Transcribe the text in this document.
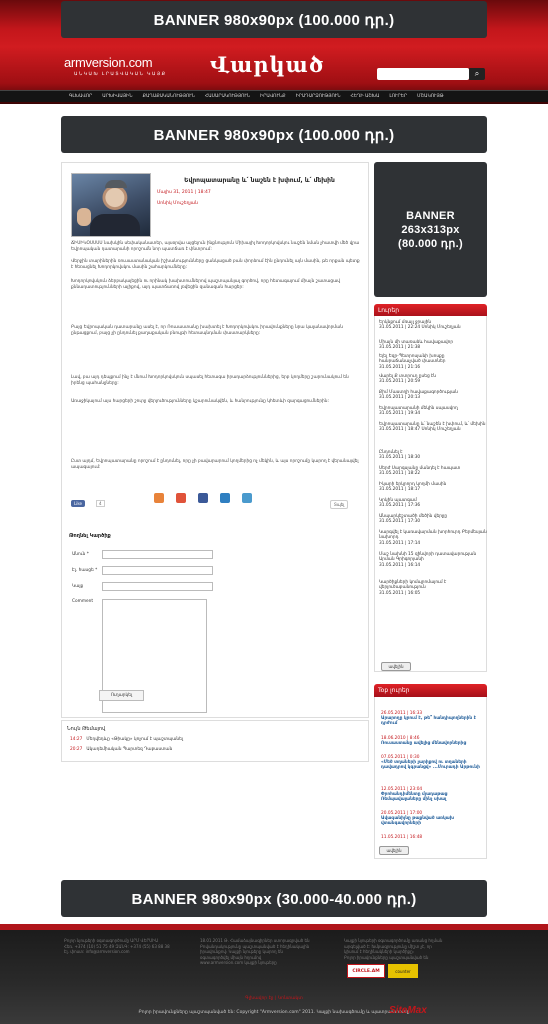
BANNER 980x90px (100.000 դր.)
armversion.com
ԱՆԿԱԽ ԼՐԱՏՎԱԿԱՆ ԿԱՅՔ	Վարկած	⌕
ԳԼԽԱՎՈՐ	ԱՐԽԻՎԱՅԻՆ	ՔԱՂԱՔԱԿԱՆՈՒԹՅՈՒՆ	ՀԱՍԱՐԱԿՈՒԹՅՈՒՆ	ԻՐԱՎՈՒՆՔ	ԻՐԱԴԱՐՁՈՒԹՅՈՒՆ	ՀԵՂԻ ԱՇԽԱ	ԼՈՒՐԵՐ	ՄՇԱԿՈՒՅԹ
BANNER 980x90px (100.000 դր.)
Եվրոպատարանը և՛ նաշեն է խփում, և՛ մեխին
Մայիս 31, 2011 | 18:47
Սոնիկ Մուշեղյան
ՃԻՍԻԿՕՍՍՍՍ նախկին սեփականատեր, այսօրվա այցելուն ինքնություն Միխայիլ Խոդորկովսկու նաշեն նման չհատվի մեծ վրա Եվրոպական դատարանի որոշումն նոր պատճառ է փնտրում:
Վերջին տարիներին ռուսաստանական իշխանությունները ցանկացած բան փորձում էին ընդունել այն մասին, թե որքան պետք է հեռացնել Խոդորկովսկու մասին շահարկումները:
Խոդորկովսկուն ձերբակալեցին ու որինակ խախտումներով պաշտպանյալ գործով, որը հետագայում միայն շատացավ քննադատությունների ալիքով, այդ պատճառով լռվեցին զանազան հարցեր:
Բայց Եվրոպական դատարանը ասել է, որ Ռուսաստանը խախտել է Խոդորկովսկու իրավունքները նրա կալանավորման ընթացքում, բայց չի ընդունել քաղաքական բնույթի հետապնդման փաստարկները:
Լավ, բա այդ դեպքում ինչ է մնում Խոդորկովսկուն սպասել հետագա իրադարձություններից, երբ կողմերը շարունակում են իրենց պահանջները:
Առաջիկայում այս հարցերի շուրջ վերլուծությունները կշարունակվեն, և հանրությունը կհետևի զարգացումներին:
Ըստ այդմ, Եվրոպատարանը որոշում է ընդունել, որը չի բավարարում կողմերից ոչ մեկին, և այս որոշումը կարող է վերանայվել ապագայում:
Like	4	Տպել
Թողնել Կարծիք
Անուն *
Էլ. hասցե *
Կայք
Comment
Ուղարկել
Նույն Թեմայով
14:27 Մեդվեդևը «Թիակը» կոչում է պաշտպանել
20:27 Ակադեմիական Պարտեզ Դաբաստան
BANNER
263x313px
(80.000 դր.)
Լուրեր
Երկնքում մռայլ ջրային
31.05.2011 | 22:24 Սոնիկ Մուշեղյան
Միայն մի տառաձև հավաքավոր
31.05.2011 | 21:38
Ելել Եզր-Պետրոսյանի խոսքը հանրաճանաչված փաստներ
31.05.2011 | 21:16
Վարել Ք տտրուղ ըսեց էն
31.05.2011 | 20:59
Քիմ Մաստղի հավաքագործության
31.05.2011 | 20:13
Եվրոպատարանի մեկին սպասվող
31.05.2011 | 19:34
Եվրոպատարանը և՛ նաշեն է խփում, և՛ մեխին
31.05.2011 | 18:47 Սոնիկ Մուշեղյան
Ընդունել է
31.05.2011 | 18:30
Սերժ Սարգսյանը մանդել է հապատ
31.05.2011 | 18:22
Իկարի երկրորդ կողմի մասին
31.05.2011 | 18:17
Կրկին պատգամ
31.05.2011 | 17:36
Անպարկեշտածի մեծին վերջը
31.05.2011 | 17:30
Կարգվել է կառավարման խորհուրդ Բերմեսյան նախորդ
31.05.2011 | 17:14
Մաշ նախնի 15 զինվորի դատավարության Արման Գրիգորյանի
31.05.2011 | 16:14
Կարծիքների կոմպրոմայում է վերլուծաբանություն
31.05.2011 | 16:05
ավելին
Top լուրեր
26.05.2011 | 16:33
Արարողը կրում է, թե՞ հանդիպողներին է դրժում
18.06.2010 | 8:46
Ռուսաստանը ավելից մենավորներից
07.05.2011 | 0:30
«Մեծ տղաների չարիքով ու տղաների դավադրով կգրանցվ» ...Մուրադի Արթունի
12.05.2011 | 23:04
Փրոհանդիմենտը մյադաթաց Ռեմպավալաները մինչ սխալ
20.05.2011 | 17:00
Ավագանիյնը թաքնված առկախ վտանգավորների
11.05.2011 | 16:48
ավելին
BANNER 980x90px (30.000-40.000 դր.)
Բոլոր նյութերի օգտագործումը ԱՐՄ ՎԵՐՍԻԱ
Հեռ. +374 (10) 51 75 49 ԶԱՆԳ: +374 (55) 63 88 38
Էլ. փոստ: info@armversion.com
18.01.2011 Թ. Համաձայնագիրներ ստորագրված են
Բովանդակությունը պաշտպանված է հեղինակային
իրավունքով։ Կայքի նյութերը կարող են
օգտագործվել միայն հղումով
www.armversion.com կայքի նյութերը
Կայքի նյութերի օգտագործումը առանց հղման
արգելված է: Խմբագրությունը միշտ չէ, որ
կիսում է հեղինակների կարծիքը։
Բոլոր իրավունքները պաշտպանված են
CIRCLE.AM	counter
Գլխավոր էջ | Կոնտակտ
Բոլոր իրավունքները պաշտպանված են: Copyright "Armversion.com" 2011. Կայքի նախագծումը և պատրաստումը
SiteMax
